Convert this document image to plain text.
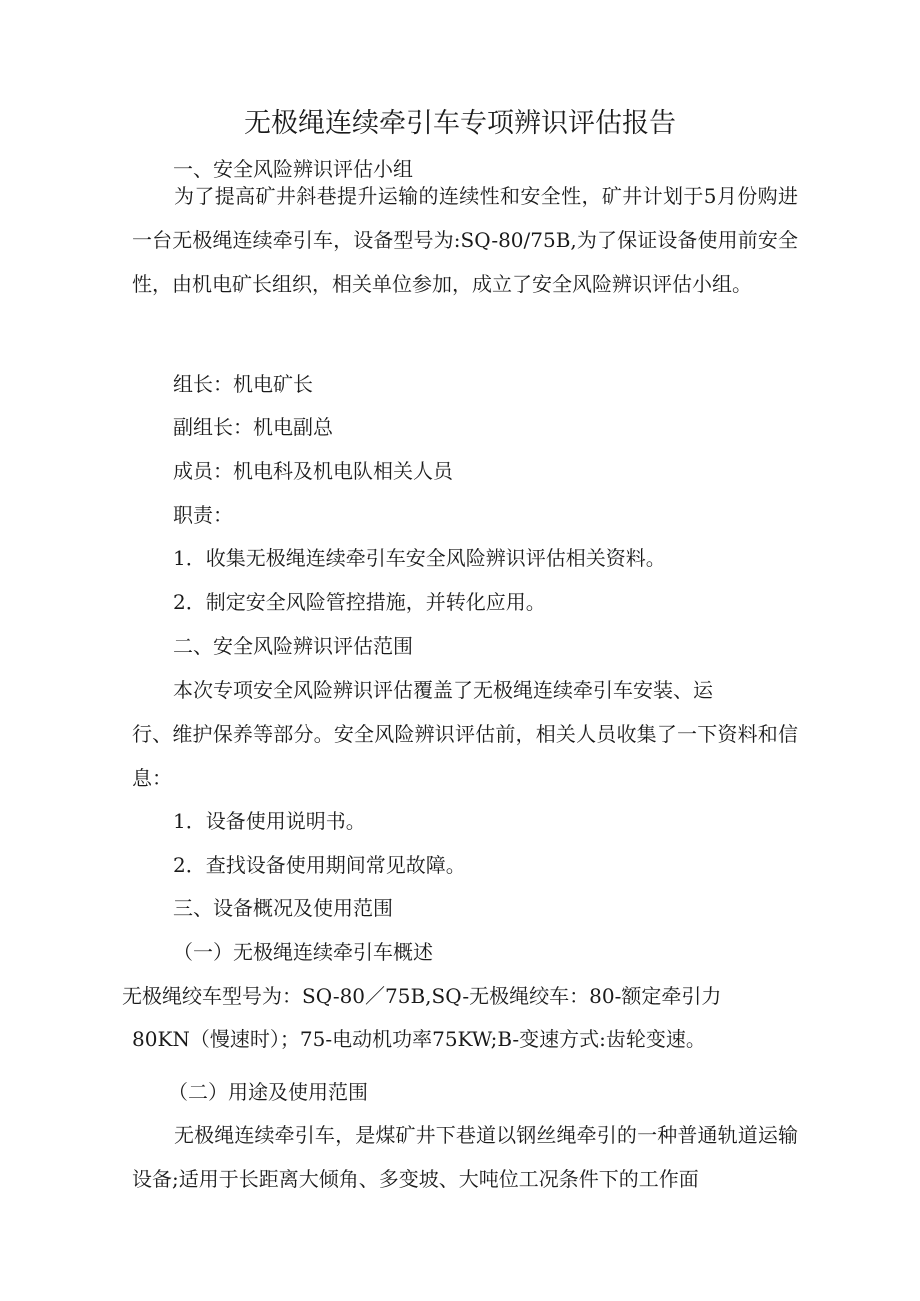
无极绳连续牵引车专项辨识评估报告

一、安全风险辨识评估小组

为了提高矿井斜巷提升运输的连续性和安全性，矿井计划于5月份购进一台无极绳连续牵引车，设备型号为:SQ-80/75B,为了保证设备使用前安全性，由机电矿长组织，相关单位参加，成立了安全风险辨识评估小组。

组长：机电矿长

副组长：机电副总

成员：机电科及机电队相关人员

职责：

1．收集无极绳连续牵引车安全风险辨识评估相关资料。

2．制定安全风险管控措施，并转化应用。

二、安全风险辨识评估范围

本次专项安全风险辨识评估覆盖了无极绳连续牵引车安装、运

行、维护保养等部分。安全风险辨识评估前，相关人员收集了一下资料和信息：

1．设备使用说明书。

2．查找设备使用期间常见故障。

三、设备概况及使用范围

（一）无极绳连续牵引车概述

无极绳绞车型号为：SQ-80／75B,SQ-无极绳绞车：80-额定牵引力

80KN（慢速时）；75-电动机功率75KW;B-变速方式:齿轮变速。

（二）用途及使用范围

无极绳连续牵引车，是煤矿井下巷道以钢丝绳牵引的一种普通轨道运输设备;适用于长距离大倾角、多变坡、大吨位工况条件下的工作面
